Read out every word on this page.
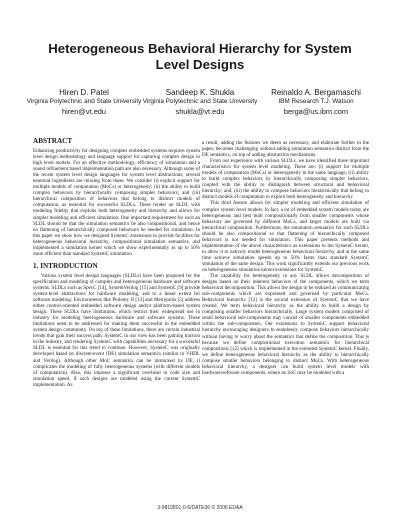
Heterogeneous Behavioral Hierarchy for System Level Designs
Hiren D. Patel
Virginia Polytechnic and State University
hiren@vt.edu
Sandeep K. Shukla
Virginia Polytechnic and State University
shukla@vt.edu
Reinaldo A. Bergamaschi
IBM Research T.J. Watson
berga@us.ibm.com
ABSTRACT

Enhancing productivity for designing complex embedded systems requires system level design methodology and language support for capturing complex design in high level models. For an effective methodology, efficiency of simulation and a sound refinement based implementation path are also necessary. Although some of the recent system level design languages for system level abstractions, several essential ingredients are missing from these. We consider (i) explicit support for multiple models of computation (MoCs) or heterogeneity; (ii) the ability to build complex behaviors by hierarchically composing simpler behaviors; and (iii) hierarchical composition of behaviors that belong to distinct models of computation, as essential for successful SLDLs. These render an SLDL with modeling fidelity that exploits both heterogeneity and hierarchy and allows for simpler modeling and efficient simulation. One important requirement for such an SLDL should be that the simulation semantics be also compositional, and hence no flattening of hierarchically composed behaviors be needed for simulation. In this paper we show how we designed SystemC extensions to provide facilities for heterogeneous behavioral hierarchy, compositional simulation semantics, and implemented a simulation kernel which we show experimentally as up to 50% more efficient than standard SystemC simulation.

1. INTRODUCTION

Various system level design languages (SLDLs) have been proposed for the specification and modeling of complex and heterogeneous hardware and software systems. SLDLs such as SpecC [14], SystemVerilog [15] and SystemC [9] provide system-level abstractions for hardware modeling, and to a lesser extent for software modeling. Environments like Ptolemy II [13] and Metropolis [5] address either control-oriented embedded software design and/or platform-based system design. These SLDLs have limitations, which restrict their widespread use in industry for modeling heterogeneous hardware and software systems. These limitations need to be addressed for making them successful in the embedded system design community. On top of these limitations, there are certain industrial trends that gain their success path. SystemC in our view has been gaining traction in the industry, and rendering SystemC with capabilities necessary for a successful SLDL is essential for this trend to continue. However, SystemC was originally developed based on discrete-event (DE) simulation semantics (similar to VHDL and Verilog). Although other MoC semantics can be mimicked by DE, it complicates the modeling of fully heterogeneous systems (with different models of computation). Also, this imposes a significant overhead in code size and simulation speed, if such designs are modeled using the current SystemC implementation. As

a result, adding the features we deem as necessary, and elaborate further in the paper, becomes challenging without adding simulation semantics distinct from the DE semantics, on top of adding abstraction mechanisms.

From our experience with various SLDLs, we have identified three important characteristics for system level modeling. These are: (i) support for multiple models of computation (MoCs) or heterogeneity in the same language, (ii) ability to build complex behaviors by hierarchically composing simpler behaviors, coupled with the ability to distinguish between structural and behavioral hierarchy; and, (iii) the ability to compose behaviors hierarchically that belong to distinct models of computation to exploit both heterogeneity and hierarchy.

This third feature allows for simpler modeling and efficient simulation of complex system level models. In fact, a lot of embedded system models today are heterogeneous and best built compositionally from smaller components whose behaviors are governed by different MoCs, and larger models are built via hierarchical composition. Furthermore, the simulation semantics for such SLDLs should be also compositional so that flattening of hierarchically composed behaviors is not needed for simulation. This paper presents methods and implementation of the above characteristics as extensions to the SystemC kernel, to allow it to natively model heterogeneous behavioral hierarchy, and at the same time achieve simulation speeds up to 50% faster than standard SystemC simulation of the same design. This work significantly extends our previous work on heterogeneous simulation kernel extensions for SystemC.

The capability for heterogeneity in any SLDL allows decomposition of designs based on their inherent behaviors of the components, which we term behavioral decomposition. This allows the design to be realized as communicating sub-components which are expressed and governed by particular MoCs. Behavioral hierarchy [12] is the second extension of SystemC that we have created. We term behavioral hierarchy as the ability to build a design by composing smaller behaviors hierarchically. Large system models comprised of small behavioral sub-components may consist of smaller components embedded within the sub-components. Our extensions to SystemC support behavioral hierarchy encouraging designers to seamlessly compose behaviors hierarchically without having to worry about the semantics that define the composition. This is because we define compositional execution semantics for hierarchical compositions [12] which is implemented in the extended SystemC kernel. Finally, we define heterogeneous behavioral hierarchy as the ability to hierarchically compose smaller behaviors belonging to distinct MoCs. With heterogeneous behavioral hierarchy, a designer can build system level models with hardware/software components, where an SoC may be modeled with a

3-9810801-0-6/DATE06 © 2006 EDAA
